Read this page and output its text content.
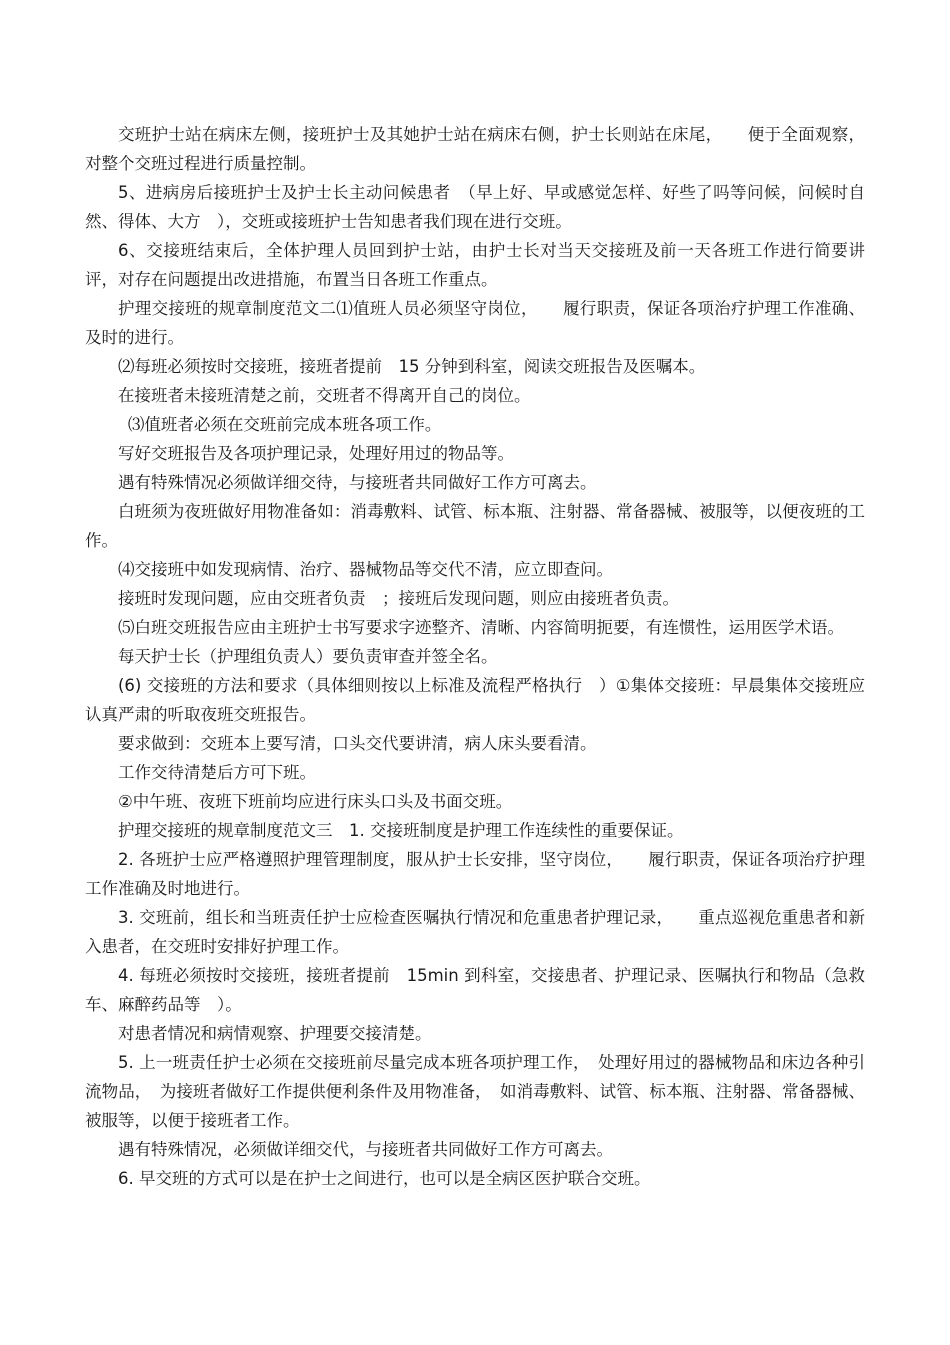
交班护士站在病床左侧，接班护士及其她护士站在病床右侧，护士长则站在床尾，　　便于全面观察，对整个交班过程进行质量控制。

5、进病房后接班护士及护士长主动问候患者　（早上好、早或感觉怎样、好些了吗等问候，问候时自然、得体、大方　），交班或接班护士告知患者我们现在进行交班。

6、交接班结束后，全体护理人员回到护士站，由护士长对当天交接班及前一天各班工作进行简要讲评，对存在问题提出改进措施，布置当日各班工作重点。

护理交接班的规章制度范文二⑴值班人员必须坚守岗位，　　履行职责，保证各项治疗护理工作准确、及时的进行。

⑵每班必须按时交接班，接班者提前　15 分钟到科室，阅读交班报告及医嘱本。

在接班者未接班清楚之前，交班者不得离开自己的岗位。

⑶值班者必须在交班前完成本班各项工作。

写好交班报告及各项护理记录，处理好用过的物品等。

遇有特殊情况必须做详细交待，与接班者共同做好工作方可离去。

白班须为夜班做好用物准备如：消毒敷料、试管、标本瓶、注射器、常备器械、被服等，以便夜班的工作。

⑷交接班中如发现病情、治疗、器械物品等交代不清，应立即查问。

接班时发现问题，应由交班者负责　；接班后发现问题，则应由接班者负责。

⑸白班交班报告应由主班护士书写要求字迹整齐、清晰、内容简明扼要，有连惯性，运用医学术语。

每天护士长（护理组负责人）要负责审查并签全名。

(6) 交接班的方法和要求（具体细则按以上标准及流程严格执行　）①集体交接班：早晨集体交接班应认真严肃的听取夜班交班报告。

要求做到：交班本上要写清，口头交代要讲清，病人床头要看清。

工作交待清楚后方可下班。

②中午班、夜班下班前均应进行床头口头及书面交班。

护理交接班的规章制度范文三　1. 交接班制度是护理工作连续性的重要保证。

2. 各班护士应严格遵照护理管理制度，服从护士长安排，坚守岗位，　　履行职责，保证各项治疗护理工作准确及时地进行。

3. 交班前，组长和当班责任护士应检查医嘱执行情况和危重患者护理记录，　　重点巡视危重患者和新入患者，在交班时安排好护理工作。

4. 每班必须按时交接班，接班者提前　15min 到科室，交接患者、护理记录、医嘱执行和物品（急救车、麻醉药品等　）。

对患者情况和病情观察、护理要交接清楚。

5. 上一班责任护士必须在交接班前尽量完成本班各项护理工作，　处理好用过的器械物品和床边各种引流物品，　为接班者做好工作提供便利条件及用物准备，　如消毒敷料、试管、标本瓶、注射器、常备器械、被服等，以便于接班者工作。

遇有特殊情况，必须做详细交代，与接班者共同做好工作方可离去。

6. 早交班的方式可以是在护士之间进行，也可以是全病区医护联合交班。
